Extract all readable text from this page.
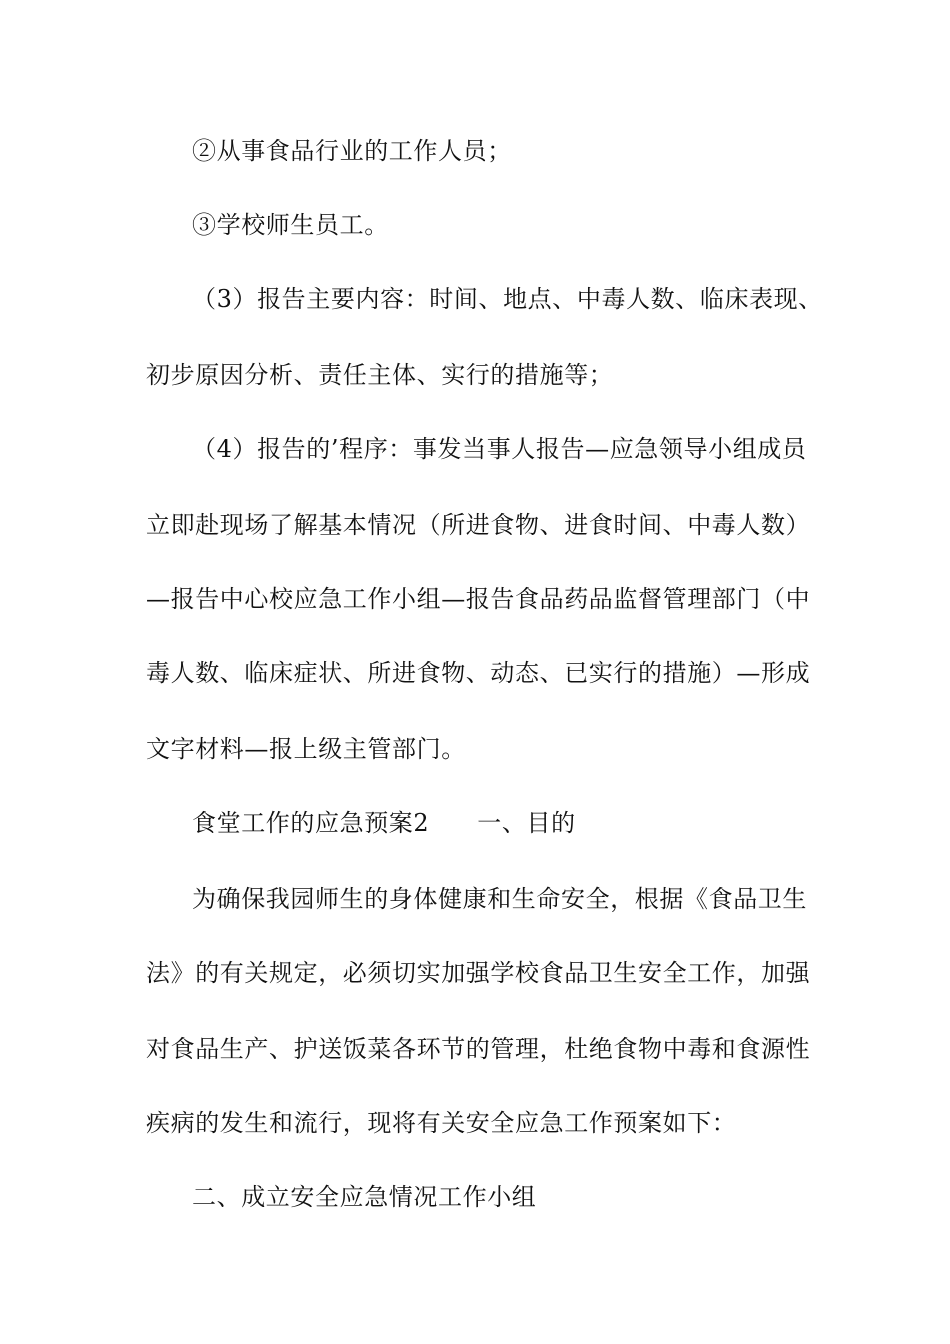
②从事食品行业的工作人员；
③学校师生员工。
（3）报告主要内容：时间、地点、中毒人数、临床表现、
初步原因分析、责任主体、实行的措施等；
（4）报告的’程序：事发当事人报告—应急领导小组成员
立即赴现场了解基本情况（所进食物、进食时间、中毒人数）
—报告中心校应急工作小组—报告食品药品监督管理部门（中
毒人数、临床症状、所进食物、动态、已实行的措施）—形成
文字材料—报上级主管部门。
食堂工作的应急预案2 一、目的
为确保我园师生的身体健康和生命安全，根据《食品卫生
法》的有关规定，必须切实加强学校食品卫生安全工作，加强
对食品生产、护送饭菜各环节的管理，杜绝食物中毒和食源性
疾病的发生和流行，现将有关安全应急工作预案如下：
二、成立安全应急情况工作小组
